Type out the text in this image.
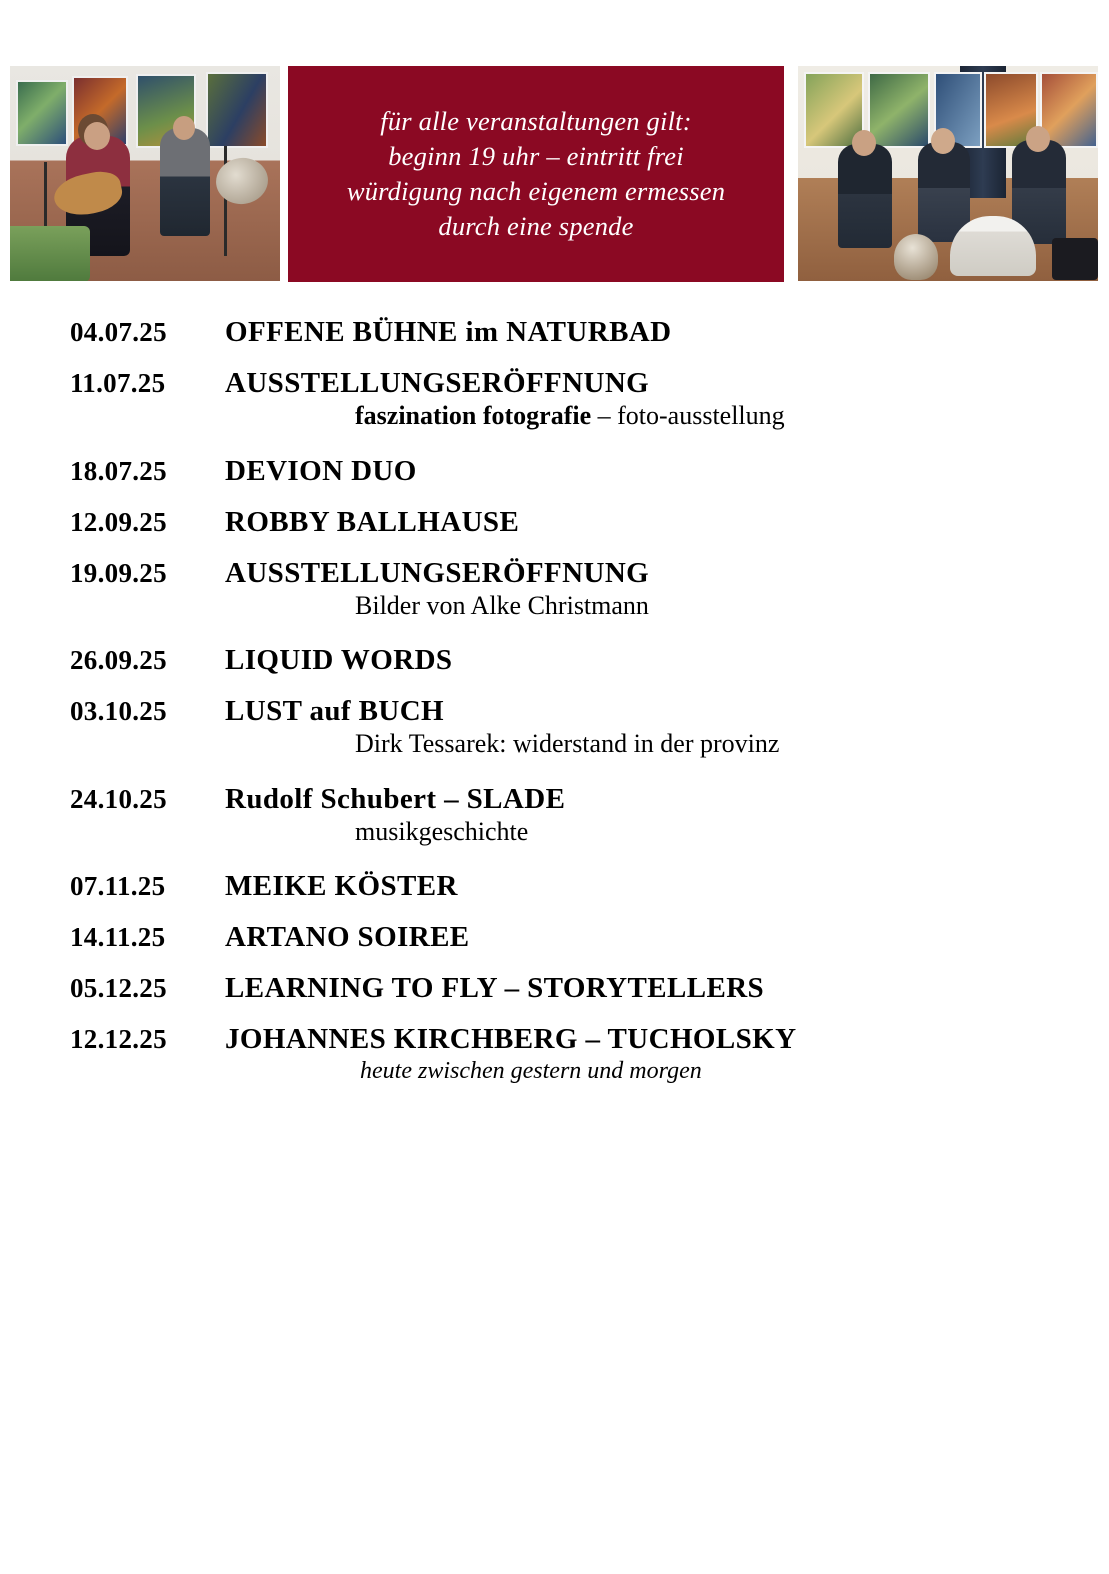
für alle veranstaltungen gilt:
beginn 19 uhr – eintritt frei
würdigung nach eigenem ermessen
durch eine spende
04.07.25	OFFENE BÜHNE im NATURBAD
11.07.25	AUSSTELLUNGSERÖFFNUNG
faszination fotografie – foto-ausstellung
18.07.25	DEVION DUO
12.09.25	ROBBY BALLHAUSE
19.09.25	AUSSTELLUNGSERÖFFNUNG
Bilder von Alke Christmann
26.09.25	LIQUID WORDS
03.10.25	LUST auf BUCH
Dirk Tessarek: widerstand in der provinz
24.10.25	Rudolf Schubert – SLADE
musikgeschichte
07.11.25	MEIKE KÖSTER
14.11.25	ARTANO SOIREE
05.12.25	LEARNING TO FLY – STORYTELLERS
12.12.25	JOHANNES KIRCHBERG – TUCHOLSKY
heute zwischen gestern und morgen
